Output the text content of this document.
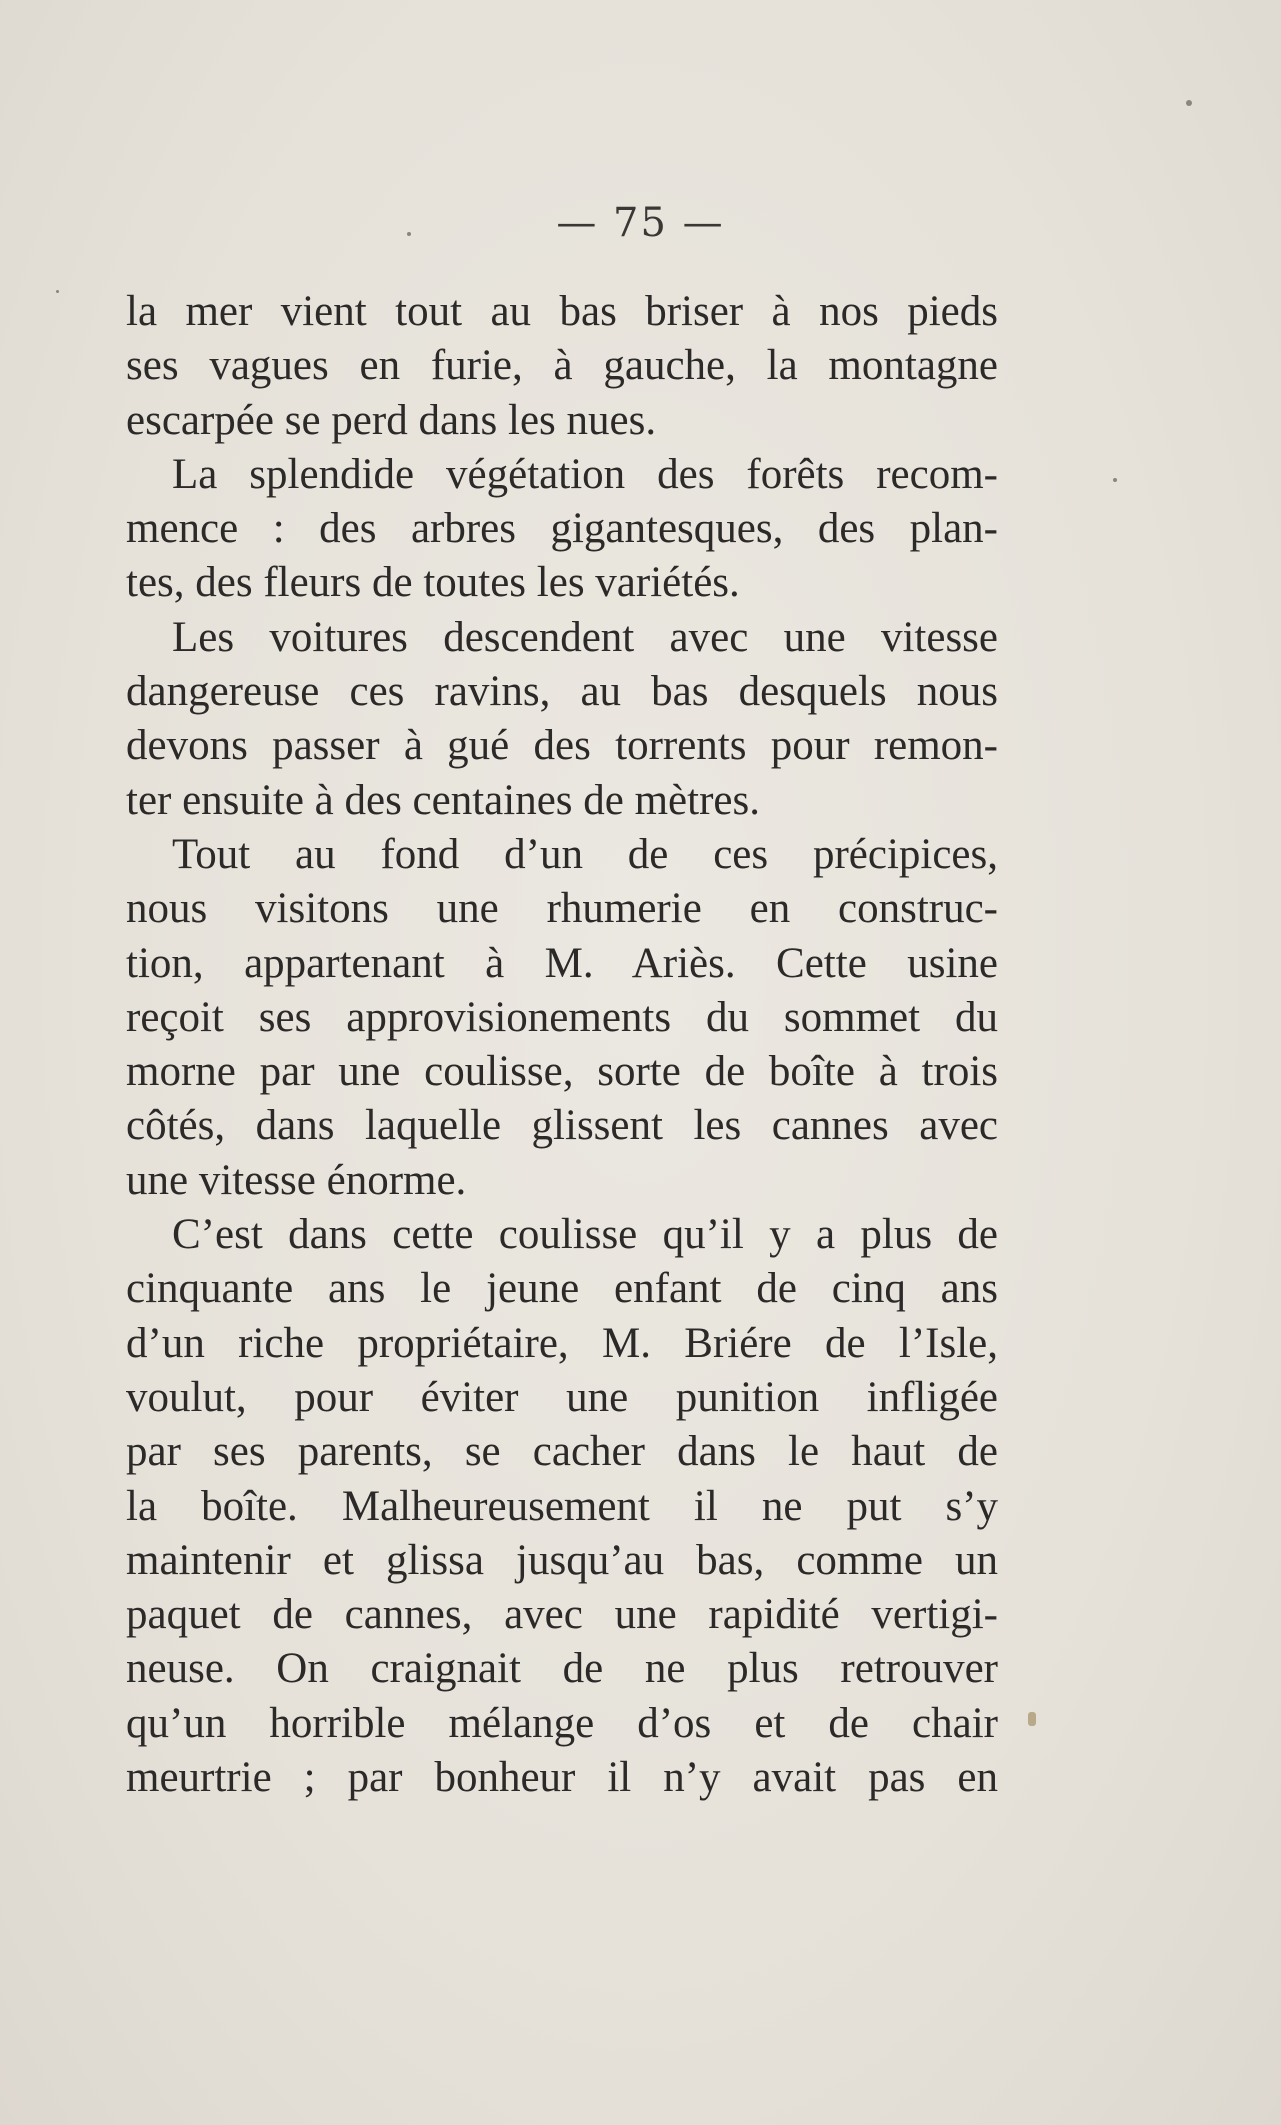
— 75 —
la mer vient tout au bas briser à nos pieds
ses vagues en furie, à gauche, la montagne
escarpée se perd dans les nues.
La splendide végétation des forêts recom-
mence : des arbres gigantesques, des plan-
tes, des fleurs de toutes les variétés.
Les voitures descendent avec une vitesse
dangereuse ces ravins, au bas desquels nous
devons passer à gué des torrents pour remon-
ter ensuite à des centaines de mètres.
Tout au fond d’un de ces précipices,
nous visitons une rhumerie en construc-
tion, appartenant à M. Ariès. Cette usine
reçoit ses approvisionements du sommet du
morne par une coulisse, sorte de boîte à trois
côtés, dans laquelle glissent les cannes avec
une vitesse énorme.
C’est dans cette coulisse qu’il y a plus de
cinquante ans le jeune enfant de cinq ans
d’un riche propriétaire, M. Briére de l’Isle,
voulut, pour éviter une punition infligée
par ses parents, se cacher dans le haut de
la boîte. Malheureusement il ne put s’y
maintenir et glissa jusqu’au bas, comme un
paquet de cannes, avec une rapidité vertigi-
neuse. On craignait de ne plus retrouver
qu’un horrible mélange d’os et de chair
meurtrie ; par bonheur il n’y avait pas en
